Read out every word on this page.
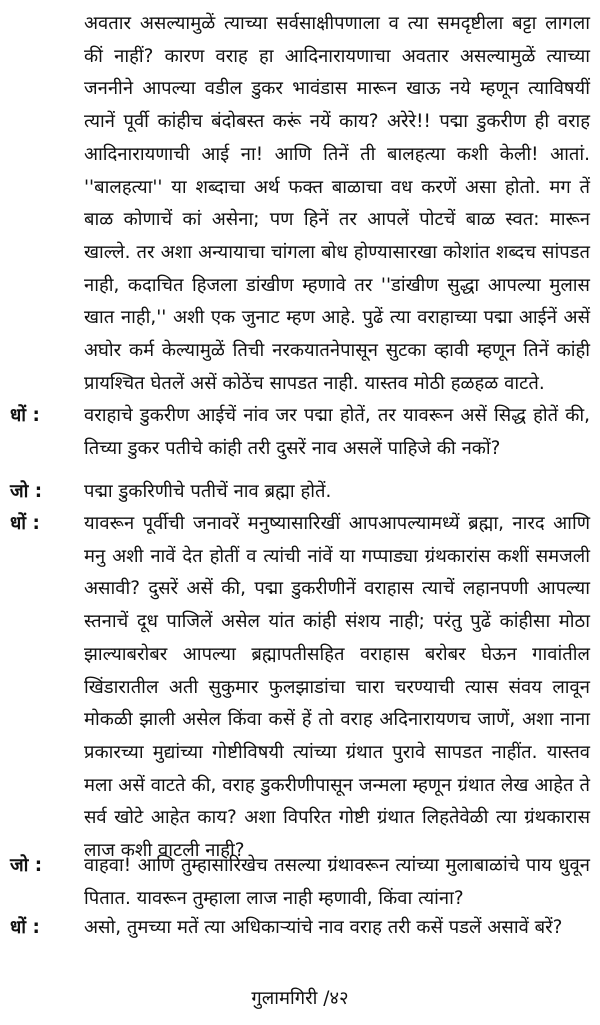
अवतार असल्यामुळें त्याच्या सर्वसाक्षीपणाला व त्या समदृष्टीला बट्टा लागला कीं नाहीं? कारण वराह हा आदिनारायणाचा अवतार असल्यामुळें त्याच्या जननीने आपल्या वडील डुकर भावंडास मारून खाऊ नये म्हणून त्याविषयीं त्यानें पूर्वी कांहीच बंदोबस्त करूं नयें काय? अरेरे!! पद्मा डुकरीण ही वराह आदिनारायणाची आई ना! आणि तिनें ती बालहत्या कशी केली! आतां. ''बालहत्या'' या शब्दाचा अर्थ फक्त बाळाचा वध करणें असा होतो. मग तें बाळ कोणाचें कां असेना; पण हिनें तर आपलें पोटचें बाळ स्वत: मारून खाल्ले. तर अशा अन्यायाचा चांगला बोध होण्यासारखा कोशांत शब्दच सांपडत नाही, कदाचित हिजला डांखीण म्हणावे तर ''डांखीण सुद्धा आपल्या मुलास खात नाही,'' अशी एक जुनाट म्हण आहे. पुढें त्या वराहाच्या पद्मा आईनें असें अघोर कर्म केल्यामुळें तिची नरकयातनेपासून सुटका व्हावी म्हणून तिनें कांही प्रायश्चित घेतलें असें कोठेंच सापडत नाही. यास्तव मोठी हळहळ वाटते.

धों :	वराहाचे डुकरीण आईचें नांव जर पद्मा होतें, तर यावरून असें सिद्ध होतें की, तिच्या डुकर पतीचे कांही तरी दुसरें नाव असलें पाहिजे की नकों?

जो :	पद्मा डुकरिणीचे पतीचें नाव ब्रह्मा होतें.

धों :	यावरून पूर्वीची जनावरें मनुष्यासारिखीं आपआपल्यामध्यें ब्रह्मा, नारद आणि मनु अशी नावें देत होतीं व त्यांची नांवें या गप्पाड्या ग्रंथकारांस कशीं समजली असावी? दुसरें असें की, पद्मा डुकरीणीनें वराहास त्याचें लहानपणी आपल्या स्तनाचें दूध पाजिलें असेल यांत कांही संशय नाही; परंतु पुढें कांहीसा मोठा झाल्याबरोबर आपल्या ब्रह्मापतीसहित वराहास बरोबर घेऊन गावांतील खिंडारातील अती सुकुमार फुलझाडांचा चारा चरण्याची त्यास संवय लावून मोकळी झाली असेल किंवा कसें हें तो वराह अदिनारायणच जाणें, अशा नाना प्रकारच्या मुद्यांच्या गोष्टीविषयी त्यांच्या ग्रंथात पुरावे सापडत नाहींत. यास्तव मला असें वाटते की, वराह डुकरीणीपासून जन्मला म्हणून ग्रंथात लेख आहेत ते सर्व खोटे आहेत काय? अशा विपरित गोष्टी ग्रंथात लिहतेवेळी त्या ग्रंथकारास लाज कशी वाटली नाही?

जो :	वाहवा! आणि तुम्हासारिखेच तसल्या ग्रंथावरून त्यांच्या मुलाबाळांचे पाय धुवून पितात. यावरून तुम्हाला लाज नाही म्हणावी, किंवा त्यांना?

धों :	असो, तुमच्या मतें त्या अधिकाऱ्यांचे नाव वराह तरी कसें पडलें असावें बरें?

गुलामगिरी /४२
